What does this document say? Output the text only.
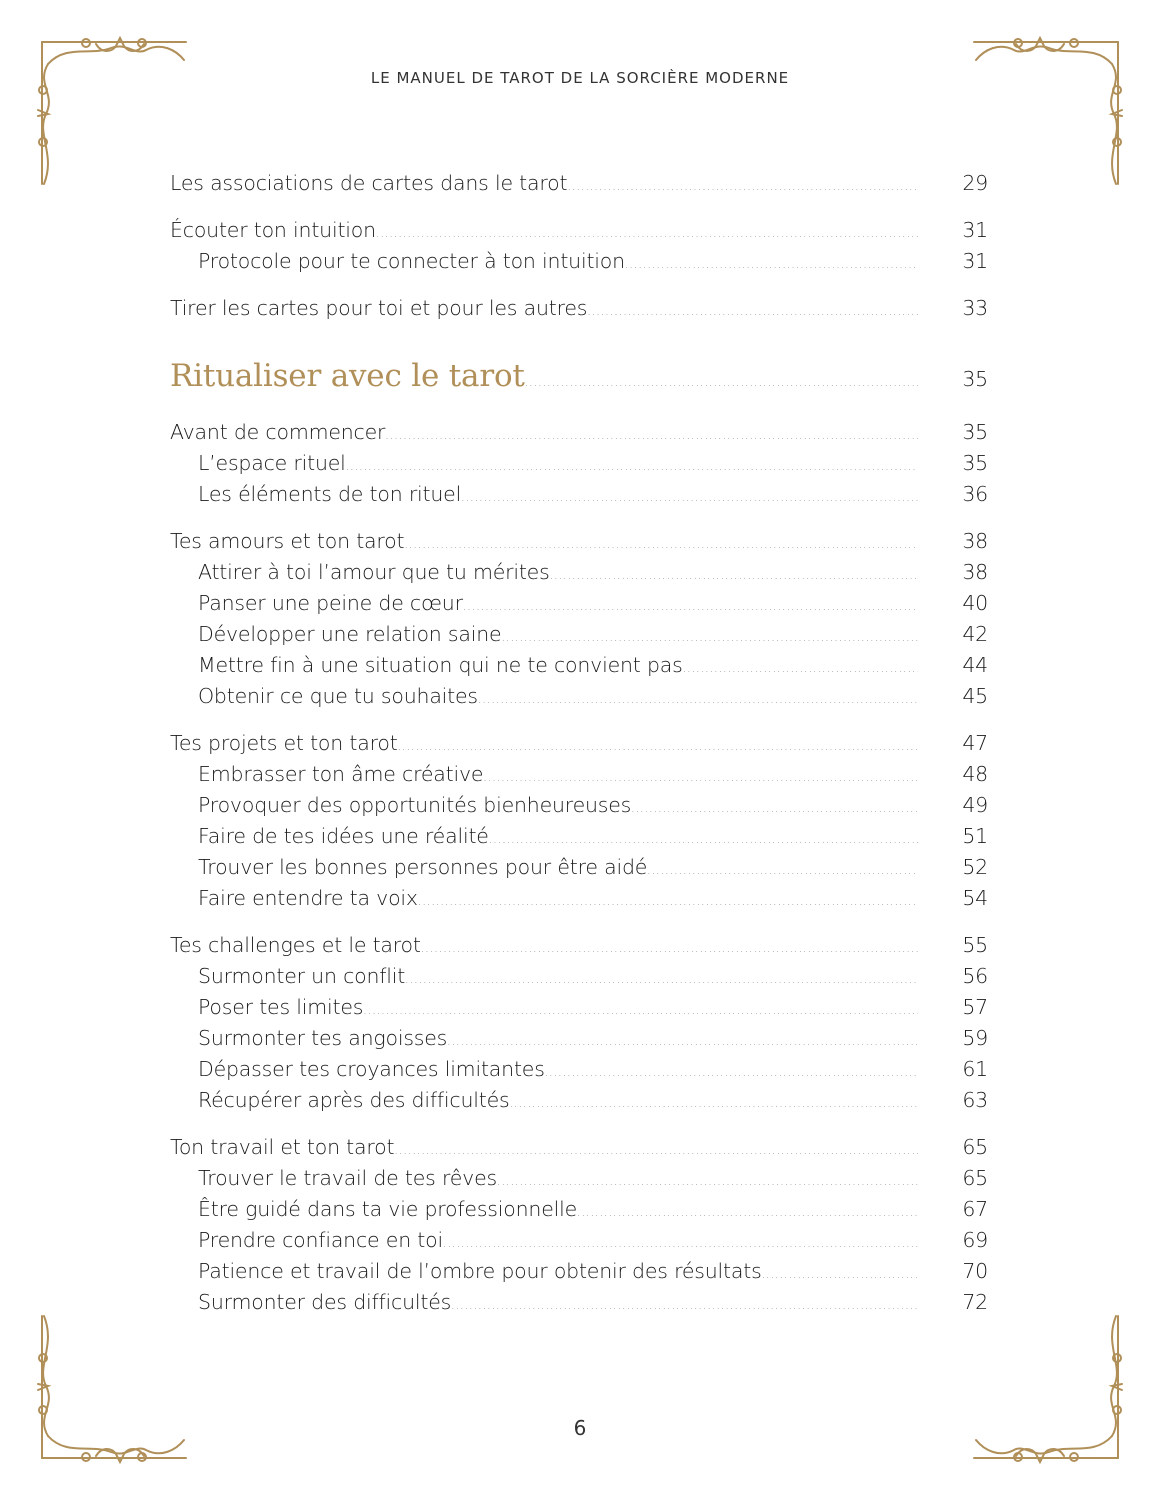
LE MANUEL DE TAROT DE LA SORCIÈRE MODERNE
Les associations de cartes dans le tarot .....	29
Écouter ton intuition .....	31
Protocole pour te connecter à ton intuition .....	31
Tirer les cartes pour toi et pour les autres .....	33
Ritualiser avec le tarot .....	35
Avant de commencer .....	35
L’espace rituel .....	35
Les éléments de ton rituel .....	36
Tes amours et ton tarot .....	38
Attirer à toi l’amour que tu mérites .....	38
Panser une peine de cœur .....	40
Développer une relation saine .....	42
Mettre fin à une situation qui ne te convient pas .....	44
Obtenir ce que tu souhaites .....	45
Tes projets et ton tarot .....	47
Embrasser ton âme créative .....	48
Provoquer des opportunités bienheureuses .....	49
Faire de tes idées une réalité .....	51
Trouver les bonnes personnes pour être aidé .....	52
Faire entendre ta voix .....	54
Tes challenges et le tarot .....	55
Surmonter un conflit .....	56
Poser tes limites .....	57
Surmonter tes angoisses .....	59
Dépasser tes croyances limitantes .....	61
Récupérer après des difficultés .....	63
Ton travail et ton tarot .....	65
Trouver le travail de tes rêves .....	65
Être guidé dans ta vie professionnelle .....	67
Prendre confiance en toi .....	69
Patience et travail de l’ombre pour obtenir des résultats .....	70
Surmonter des difficultés .....	72
6
